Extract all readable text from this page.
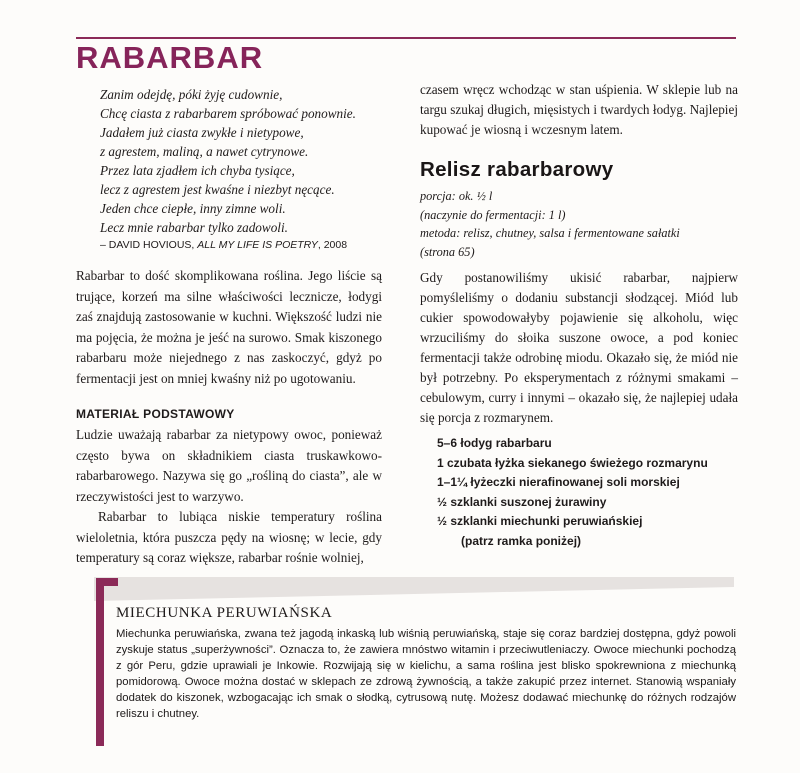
RABARBAR
Zanim odejdę, póki żyję cudownie,
Chcę ciasta z rabarbarem spróbować ponownie.
Jadałem już ciasta zwykłe i nietypowe,
z agrestem, maliną, a nawet cytrynowe.
Przez lata zjadłem ich chyba tysiące,
lecz z agrestem jest kwaśne i niezbyt nęcące.
Jeden chce ciepłe, inny zimne woli.
Lecz mnie rabarbar tylko zadowoli.
– DAVID HOVIOUS, ALL MY LIFE IS POETRY, 2008

Rabarbar to dość skomplikowana roślina. Jego liście są trujące, korzeń ma silne właściwości lecznicze, łodygi zaś znajdują zastosowanie w kuchni. Większość ludzi nie ma pojęcia, że można je jeść na surowo. Smak kiszonego rabarbaru może niejednego z nas zaskoczyć, gdyż po fermentacji jest on mniej kwaśny niż po ugotowaniu.

MATERIAŁ PODSTAWOWY

Ludzie uważają rabarbar za nietypowy owoc, ponieważ często bywa on składnikiem ciasta truskawkowo-rabarbarowego. Nazywa się go „rośliną do ciasta”, ale w rzeczywistości jest to warzywo.

Rabarbar to lubiąca niskie temperatury roślina wieloletnia, która puszcza pędy na wiosnę; w lecie, gdy temperatury są coraz większe, rabarbar rośnie wolniej,

czasem wręcz wchodząc w stan uśpienia. W sklepie lub na targu szukaj długich, mięsistych i twardych łodyg. Najlepiej kupować je wiosną i wczesnym latem.

Relisz rabarbarowy
porcja: ok. ½ l
(naczynie do fermentacji: 1 l)
metoda: relisz, chutney, salsa i fermentowane sałatki
(strona 65)

Gdy postanowiliśmy ukisić rabarbar, najpierw pomyśleliśmy o dodaniu substancji słodzącej. Miód lub cukier spowodowałyby pojawienie się alkoholu, więc wrzuciliśmy do słoika suszone owoce, a pod koniec fermentacji także odrobinę miodu. Okazało się, że miód nie był potrzebny. Po eksperymentach z różnymi smakami – cebulowym, curry i innymi – okazało się, że najlepiej udała się porcja z rozmarynem.

5–6 łodyg rabarbaru
1 czubata łyżka siekanego świeżego rozmarynu
1–1¼ łyżeczki nierafinowanej soli morskiej
½ szklanki suszonej żurawiny
½ szklanki miechunki peruwiańskiej
(patrz ramka poniżej)
MIECHUNKA PERUWIAŃSKA
Miechunka peruwiańska, zwana też jagodą inkaską lub wiśnią peruwiańską, staje się coraz bardziej dostępna, gdyż powoli zyskuje status „superżywności”. Oznacza to, że zawiera mnóstwo witamin i przeciwutleniaczy. Owoce miechunki pochodzą z gór Peru, gdzie uprawiali je Inkowie. Rozwijają się w kielichu, a sama roślina jest blisko spokrewniona z miechunką pomidorową. Owoce można dostać w sklepach ze zdrową żywnością, a także zakupić przez internet. Stanowią wspaniały dodatek do kiszonek, wzbogacając ich smak o słodką, cytrusową nutę. Możesz dodawać miechunkę do różnych rodzajów reliszu i chutney.
